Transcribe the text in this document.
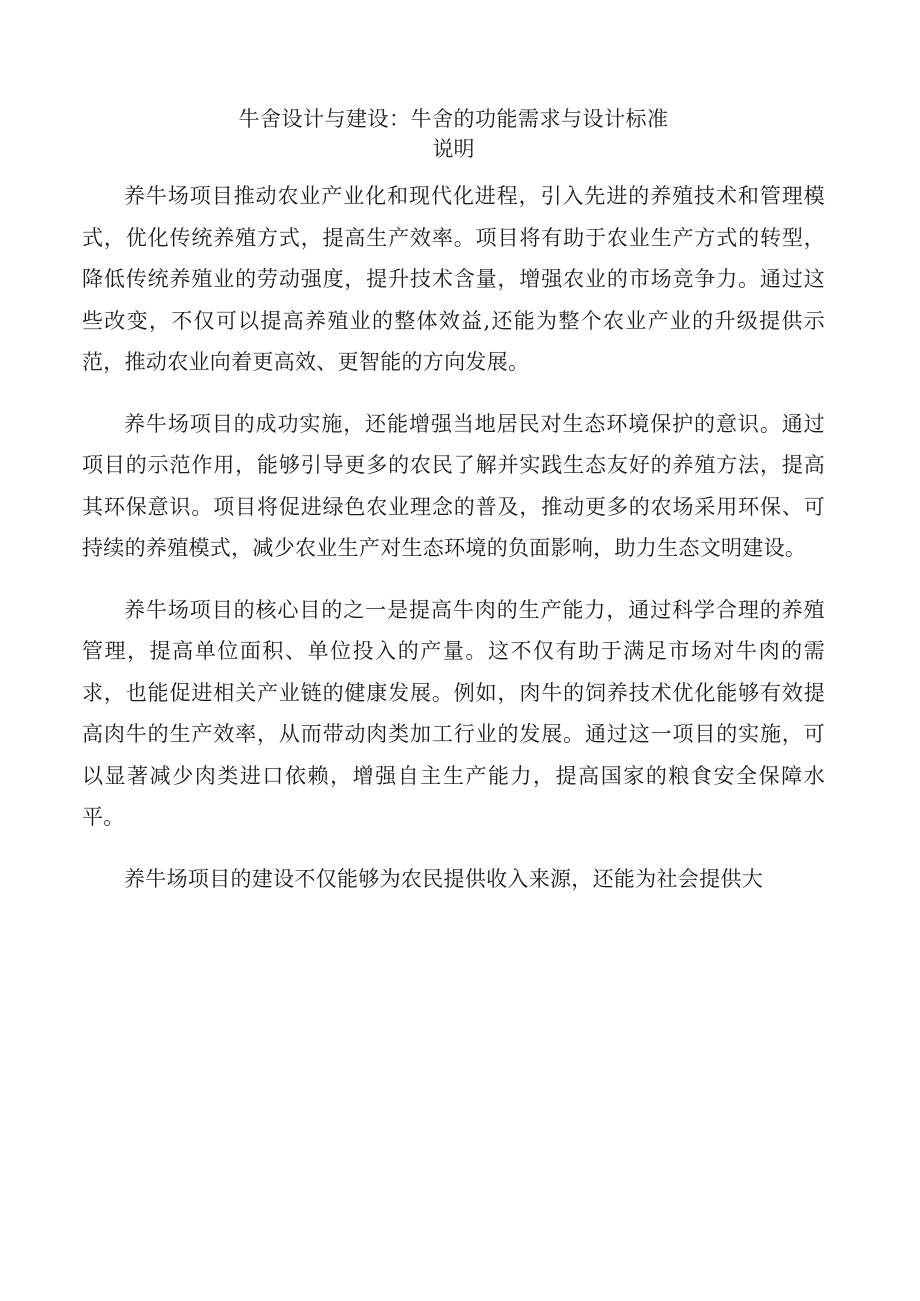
牛舍设计与建设：牛舍的功能需求与设计标准
说明

养牛场项目推动农业产业化和现代化进程，引入先进的养殖技术和管理模式，优化传统养殖方式，提高生产效率。项目将有助于农业生产方式的转型，降低传统养殖业的劳动强度，提升技术含量，增强农业的市场竞争力。通过这些改变，不仅可以提高养殖业的整体效益,还能为整个农业产业的升级提供示范，推动农业向着更高效、更智能的方向发展。

养牛场项目的成功实施，还能增强当地居民对生态环境保护的意识。通过项目的示范作用，能够引导更多的农民了解并实践生态友好的养殖方法，提高其环保意识。项目将促进绿色农业理念的普及，推动更多的农场采用环保、可持续的养殖模式，减少农业生产对生态环境的负面影响，助力生态文明建设。

养牛场项目的核心目的之一是提高牛肉的生产能力，通过科学合理的养殖管理，提高单位面积、单位投入的产量。这不仅有助于满足市场对牛肉的需求，也能促进相关产业链的健康发展。例如，肉牛的饲养技术优化能够有效提高肉牛的生产效率，从而带动肉类加工行业的发展。通过这一项目的实施，可以显著减少肉类进口依赖，增强自主生产能力，提高国家的粮食安全保障水平。

养牛场项目的建设不仅能够为农民提供收入来源，还能为社会提供大
